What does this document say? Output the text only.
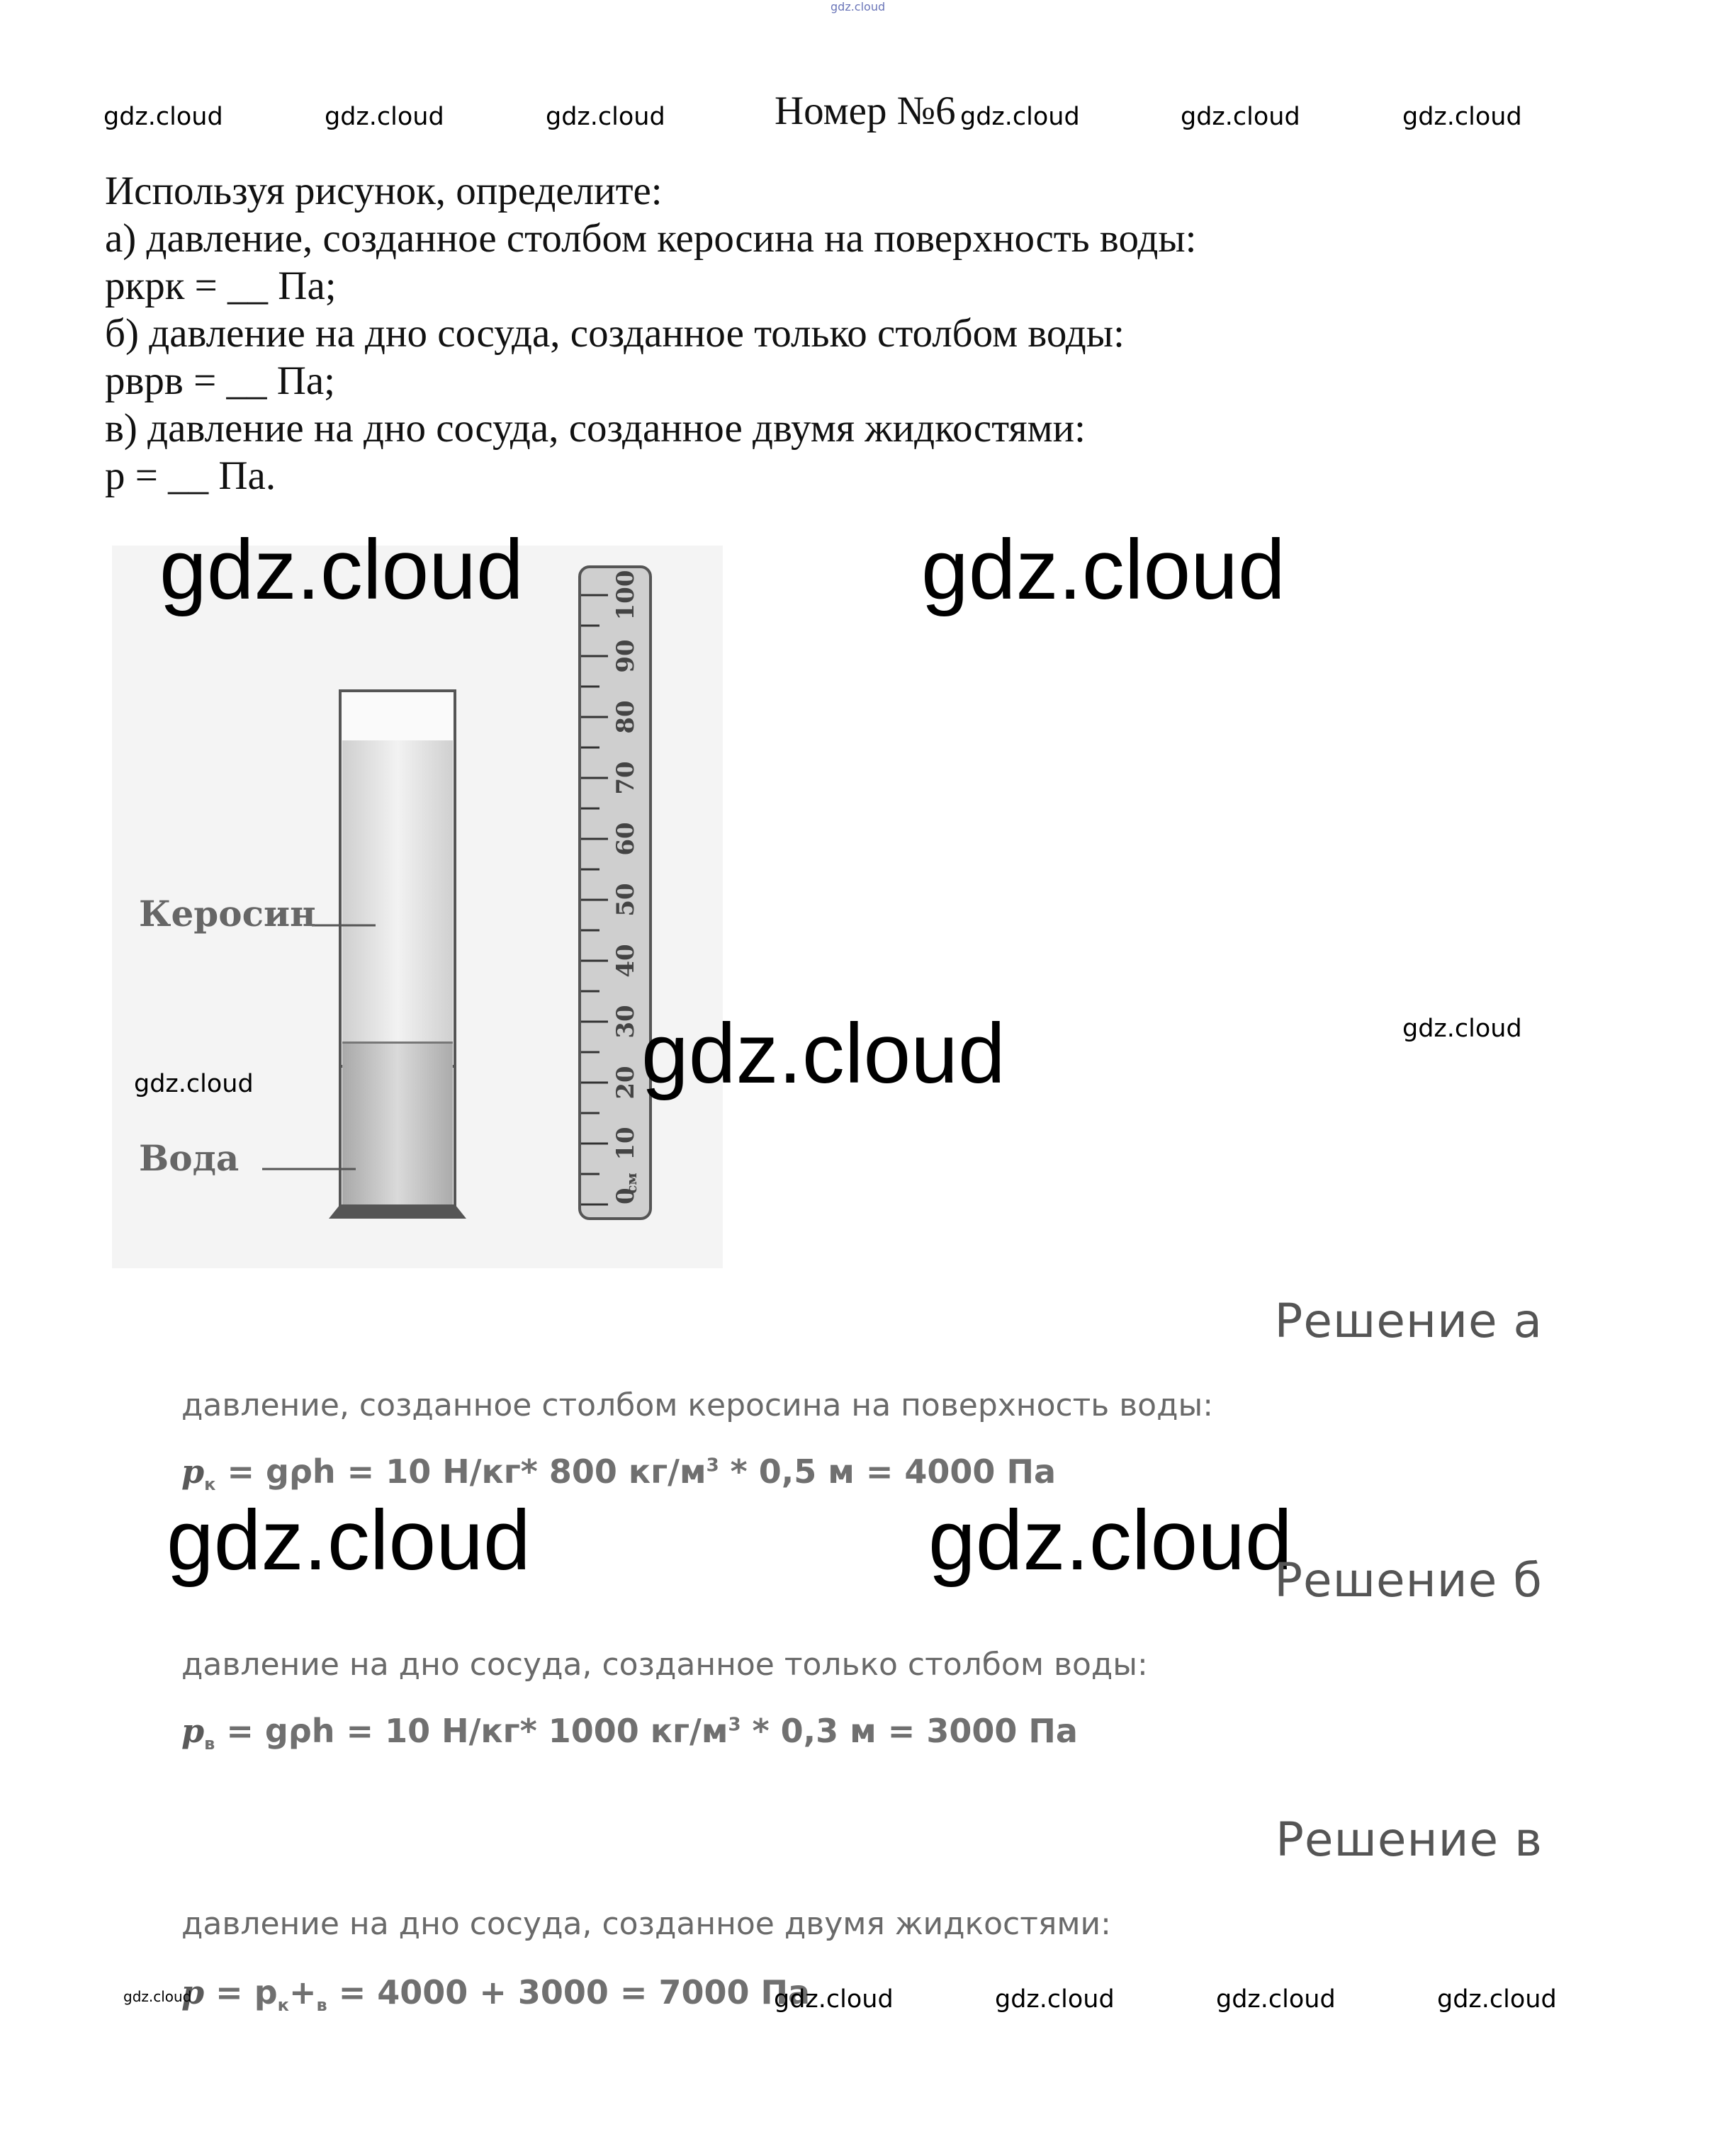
gdz.cloud
gdz.cloud	gdz.cloud	gdz.cloud	Номер №6 gdz.cloud	gdz.cloud	gdz.cloud
Используя рисунок, определите:
а) давление, созданное столбом керосина на поверхность воды:
ркрк = __ Па;
б) давление на дно сосуда, созданное только столбом воды:
рврв = __ Па;
в) давление на дно сосуда, созданное двумя жидкостями:
р = __ Па.
0
10
20
30
40
50
60
70
80
90
100
см
Керосин
Вода
gdz.cloud	gdz.cloud
gdz.cloud	gdz.cloud
gdz.cloud
Решение а
давление, созданное столбом керосина на поверхность воды:
$p_к = g\rho h = 10$ Н/кг* 800 $кг/м^3 * 0,5$ м = 4000 Па
gdz.cloud	gdz.cloud
Решение б
давление на дно сосуда, созданное только столбом воды:
$p_в = g\rho h = 10$ Н/кг* 1000 $кг/м^3 * 0,3$ м = 3000 Па
Решение в
давление на дно сосуда, созданное двумя жидкостями:
$p = p_к+_в = 4000 + 3000 = 7000$ Па
gdz.cloud	gdz.cloud	gdz.cloud	gdz.cloud	gdz.cloud
